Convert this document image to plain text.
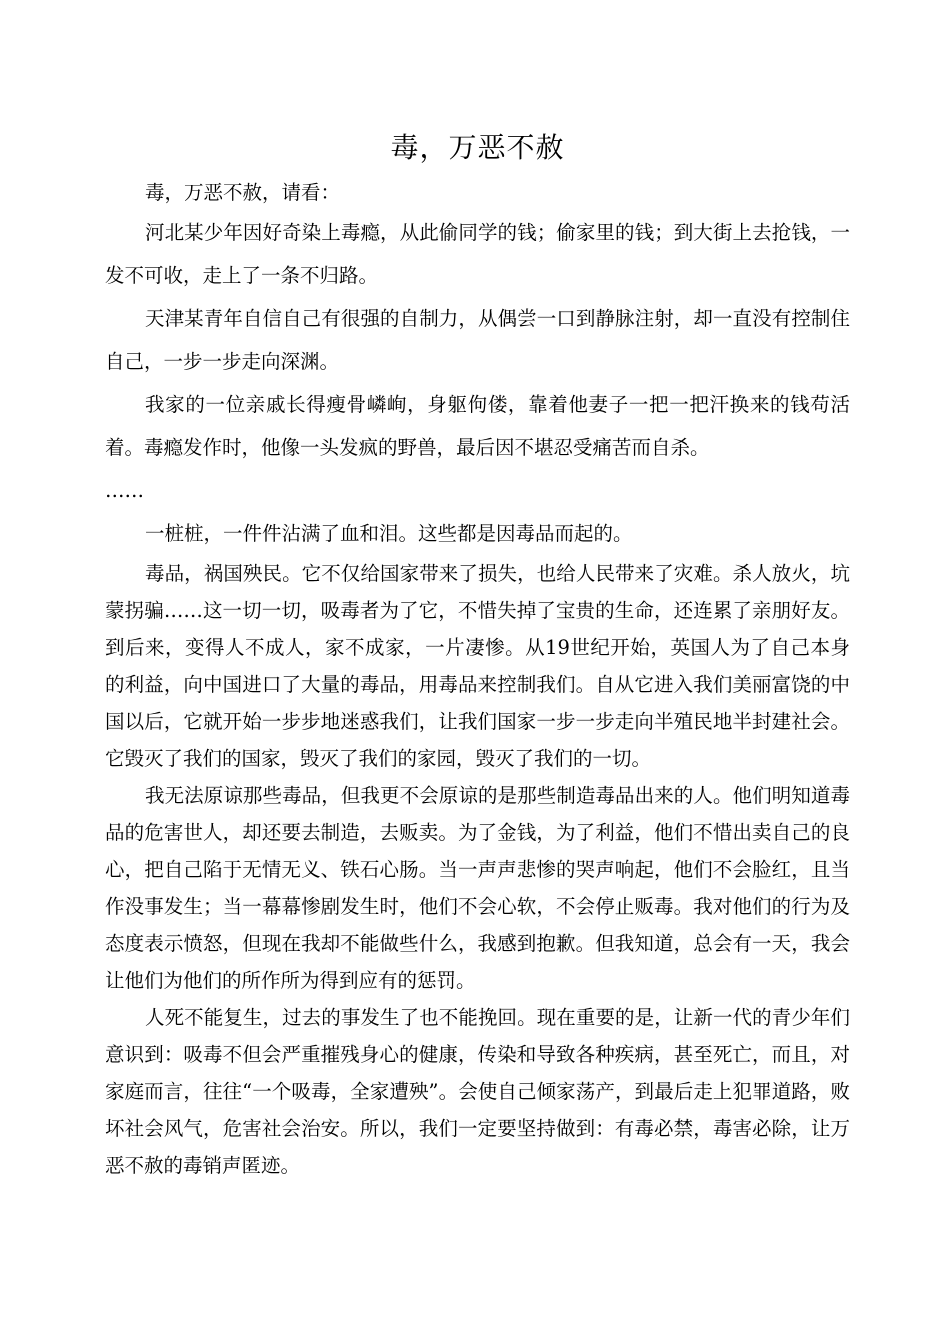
毒，万恶不赦

毒，万恶不赦，请看：

河北某少年因好奇染上毒瘾，从此偷同学的钱；偷家里的钱；到大街上去抢钱，一发不可收，走上了一条不归路。

天津某青年自信自己有很强的自制力，从偶尝一口到静脉注射，却一直没有控制住自己，一步一步走向深渊。

我家的一位亲戚长得瘦骨嶙峋，身躯佝偻，靠着他妻子一把一把汗换来的钱苟活着。毒瘾发作时，他像一头发疯的野兽，最后因不堪忍受痛苦而自杀。

……

一桩桩，一件件沾满了血和泪。这些都是因毒品而起的。

毒品，祸国殃民。它不仅给国家带来了损失，也给人民带来了灾难。杀人放火，坑蒙拐骗……这一切一切，吸毒者为了它，不惜失掉了宝贵的生命，还连累了亲朋好友。到后来，变得人不成人，家不成家，一片凄惨。从19世纪开始，英国人为了自己本身的利益，向中国进口了大量的毒品，用毒品来控制我们。自从它进入我们美丽富饶的中国以后，它就开始一步步地迷惑我们，让我们国家一步一步走向半殖民地半封建社会。它毁灭了我们的国家，毁灭了我们的家园，毁灭了我们的一切。

我无法原谅那些毒品，但我更不会原谅的是那些制造毒品出来的人。他们明知道毒品的危害世人，却还要去制造，去贩卖。为了金钱，为了利益，他们不惜出卖自己的良心，把自己陷于无情无义、铁石心肠。当一声声悲惨的哭声响起，他们不会脸红，且当作没事发生；当一幕幕惨剧发生时，他们不会心软，不会停止贩毒。我对他们的行为及态度表示愤怒，但现在我却不能做些什么，我感到抱歉。但我知道，总会有一天，我会让他们为他们的所作所为得到应有的惩罚。

人死不能复生，过去的事发生了也不能挽回。现在重要的是，让新一代的青少年们意识到：吸毒不但会严重摧残身心的健康，传染和导致各种疾病，甚至死亡，而且，对家庭而言，往往“一个吸毒，全家遭殃”。会使自己倾家荡产，到最后走上犯罪道路，败坏社会风气，危害社会治安。所以，我们一定要坚持做到：有毒必禁，毒害必除，让万恶不赦的毒销声匿迹。
